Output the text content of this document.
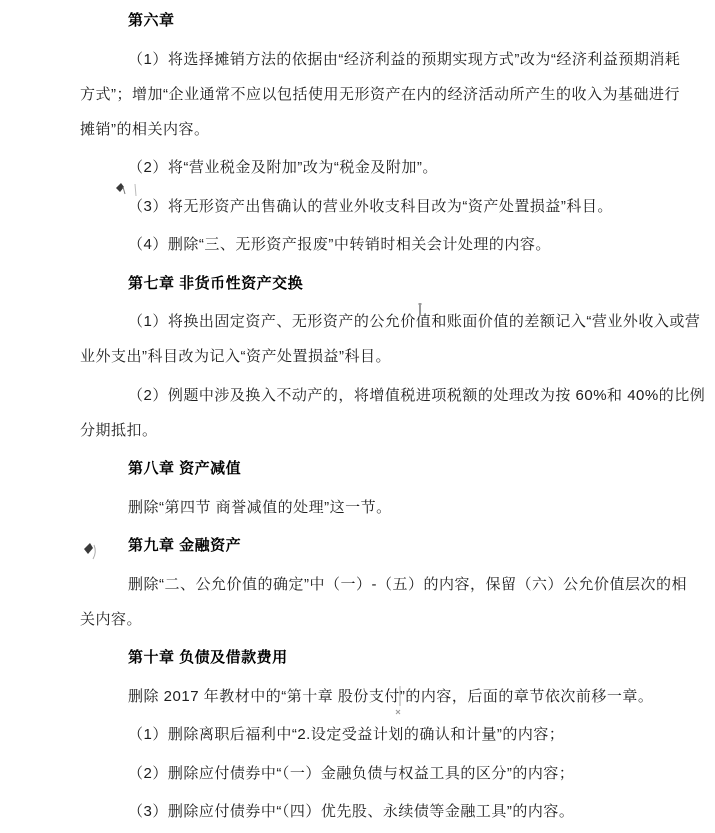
第六章
（1）将选择摊销方法的依据由“经济利益的预期实现方式”改为“经济利益预期消耗
方式”；增加“企业通常不应以包括使用无形资产在内的经济活动所产生的收入为基础进行
摊销”的相关内容。
（2）将“营业税金及附加”改为“税金及附加”。
（3）将无形资产出售确认的营业外收支科目改为“资产处置损益”科目。
（4）删除“三、无形资产报废”中转销时相关会计处理的内容。
第七章 非货币性资产交换
（1）将换出固定资产、无形资产的公允价值和账面价值的差额记入“营业外收入或营
业外支出”科目改为记入“资产处置损益”科目。
（2）例题中涉及换入不动产的，将增值税进项税额的处理改为按 60%和 40%的比例
分期抵扣。
第八章 资产减值
删除“第四节 商誉减值的处理”这一节。
第九章 金融资产
删除“二、公允价值的确定”中（一）-（五）的内容，保留（六）公允价值层次的相
关内容。
第十章 负债及借款费用
删除 2017 年教材中的“第十章 股份支付”的内容，后面的章节依次前移一章。
（1）删除离职后福利中“2.设定受益计划的确认和计量”的内容；
（2）删除应付债券中“（一）金融负债与权益工具的区分”的内容；
（3）删除应付债券中“（四）优先股、永续债等金融工具”的内容。
